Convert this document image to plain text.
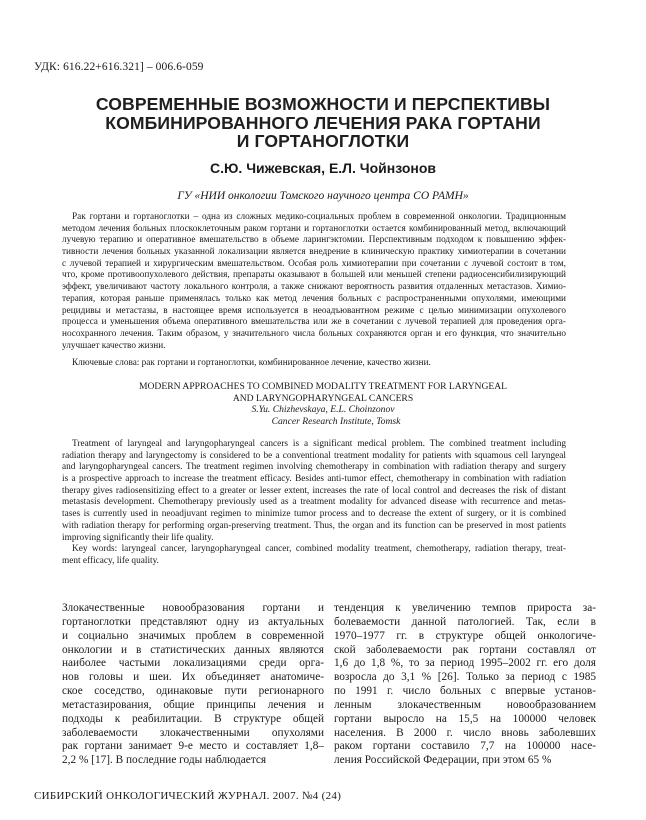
УДК: 616.22+616.321] – 006.6-059
СОВРЕМЕННЫЕ ВОЗМОЖНОСТИ И ПЕРСПЕКТИВЫ
КОМБИНИРОВАННОГО ЛЕЧЕНИЯ РАКА ГОРТАНИ
И ГОРТАНОГЛОТКИ
С.Ю. Чижевская, Е.Л. Чойнзонов
ГУ «НИИ онкологии Томского научного центра СО РАМН»
Рак гортани и гортаноглотки – одна из сложных медико-социальных проблем в современной онкологии. Традиционным
методом лечения больных плоскоклеточным раком гортани и гортаноглотки остается комбинированный метод, включающий
лучевую терапию и оперативное вмешательство в объеме ларингэктомии. Перспективным подходом к повышению эффек-
тивности лечения больных указанной локализации является внедрение в клиническую практику химиотерапии в сочетании
с лучевой терапией и хирургическим вмешательством. Особая роль химиотерапии при сочетании с лучевой состоит в том,
что, кроме противоопухолевого действия, препараты оказывают в большей или меньшей степени радиосенсибилизирующий
эффект, увеличивают частоту локального контроля, а также снижают вероятность развития отдаленных метастазов. Химио-
терапия, которая раньше применялась только как метод лечения больных с распространенными опухолями, имеющими
рецидивы и метастазы, в настоящее время используется в неоадъювантном режиме с целью минимизации опухолевого
процесса и уменьшения объема оперативного вмешательства или же в сочетании с лучевой терапией для проведения орга-
носохранного лечения. Таким образом, у значительного числа больных сохраняются орган и его функция, что значительно
улучшает качество жизни.
Ключевые слова: рак гортани и гортаноглотки, комбинированное лечение, качество жизни.
MODERN APPROACHES TO COMBINED MODALITY TREATMENT FOR LARYNGEAL
AND LARYNGOPHARYNGEAL CANCERS
S.Yu. Chizhevskaya, E.L. Choinzonov
Cancer Research Institute, Tomsk
Treatment of laryngeal and laryngopharyngeal cancers is a significant medical problem. The combined treatment including
radiation therapy and laryngectomy is considered to be a conventional treatment modality for patients with squamous cell laryngeal
and laryngopharyngeal cancers. The treatment regimen involving chemotherapy in combination with radiation therapy and surgery
is a prospective approach to increase the treatment efficacy. Besides anti-tumor effect, chemotherapy in combination with radiation
therapy gives radiosensitizing effect to a greater or lesser extent, increases the rate of local control and decreases the risk of distant
metastasis development. Chemotherapy previously used as a treatment modality for advanced disease with recurrence and metas-
tases is currently used in neoadjuvant regimen to minimize tumor process and to decrease the extent of surgery, or it is combined
with radiation therapy for performing organ-preserving treatment. Thus, the organ and its function can be preserved in most patients
improving significantly their life quality.
Key words: laryngeal cancer, laryngopharyngeal cancer, combined modality treatment, chemotherapy, radiation therapy, treat-
ment efficacy, life quality.
Злокачественные новообразования гортани и
гортаноглотки представляют одну из актуальных
и социально значимых проблем в современной
онкологии и в статистических данных являются
наиболее частыми локализациями среди орга-
нов головы и шеи. Их объединяет анатомиче-
ское соседство, одинаковые пути регионарного
метастазирования, общие принципы лечения и
подходы к реабилитации. В структуре общей
заболеваемости злокачественными опухолями
рак гортани занимает 9-е место и составляет 1,8–
2,2 % [17]. В последние годы наблюдается
тенденция к увеличению темпов прироста за-
болеваемости данной патологией. Так, если в
1970–1977 гг. в структуре общей онкологиче-
ской заболеваемости рак гортани составлял от
1,6 до 1,8 %, то за период 1995–2002 гг. его доля
возросла до 3,1 % [26]. Только за период с 1985
по 1991 г. число больных с впервые установ-
ленным злокачественным новообразованием
гортани выросло на 15,5 на 100000 человек
населения. В 2000 г. число вновь заболевших
раком гортани составило 7,7 на 100000 насе-
ления Российской Федерации, при этом 65 %
СИБИРСКИЙ ОНКОЛОГИЧЕСКИЙ ЖУРНАЛ. 2007. №4 (24)
